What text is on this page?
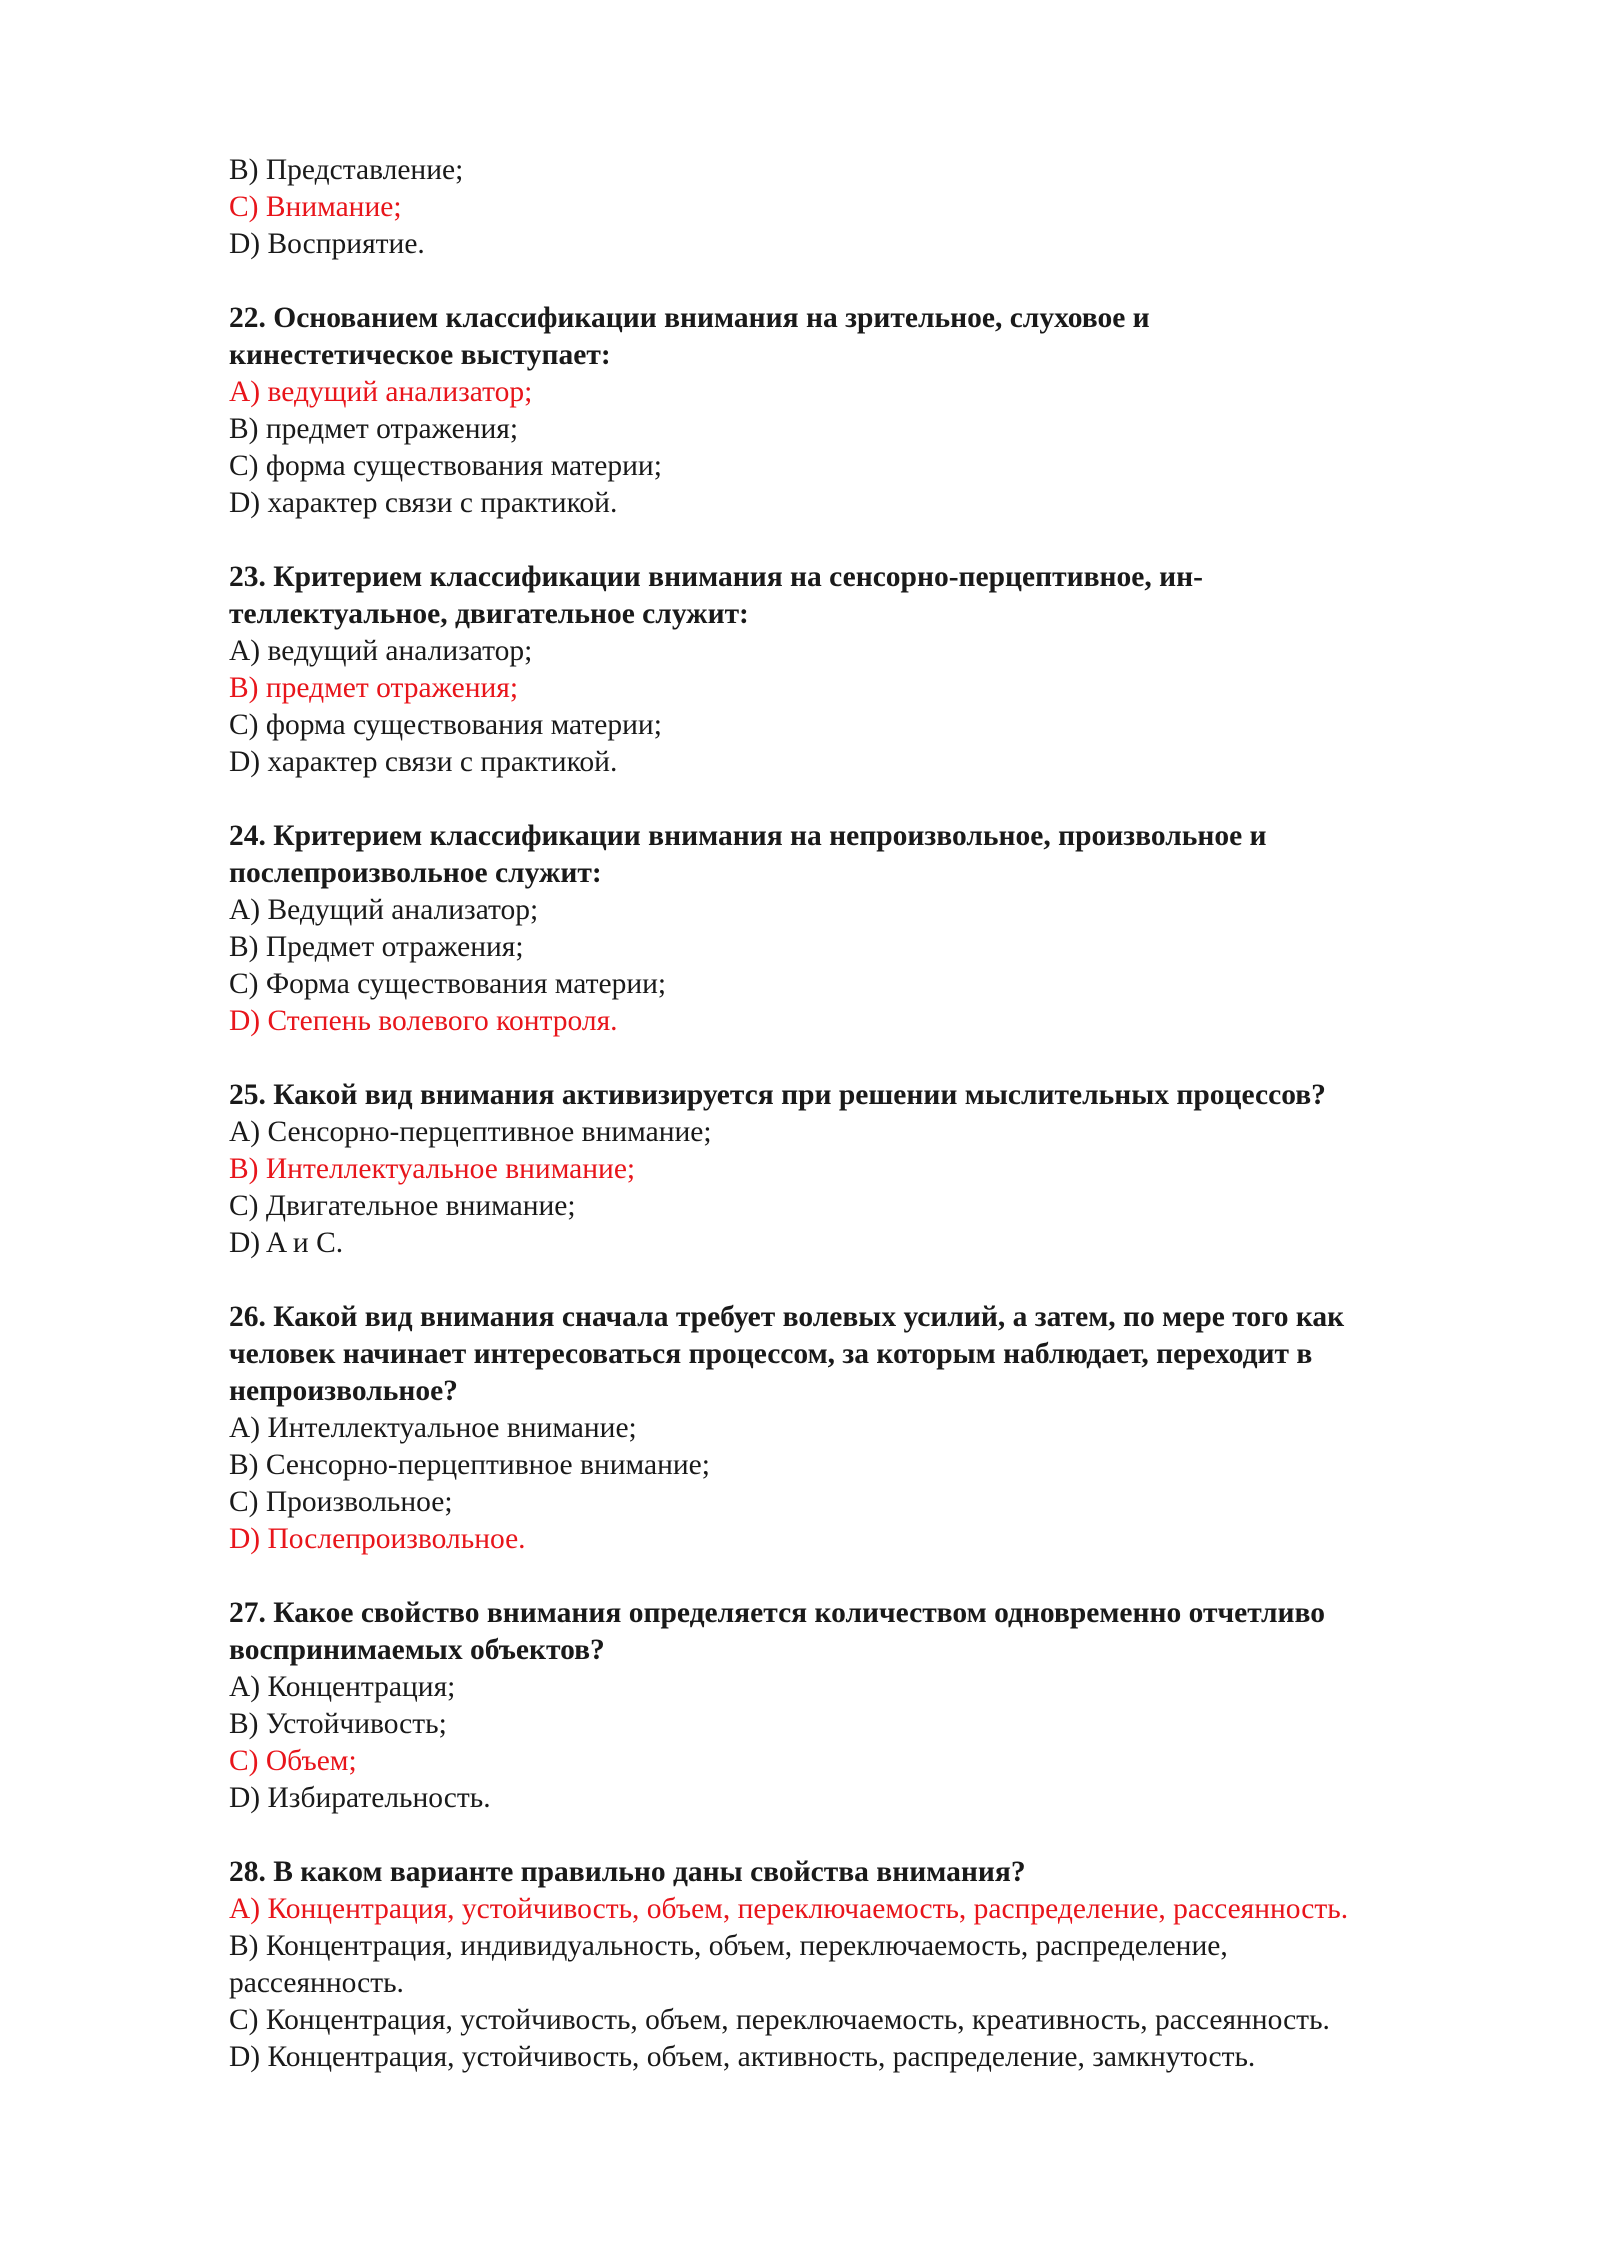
B) Представление;
C) Внимание;
D) Восприятие.
22. Основанием классификации внимания на зрительное, слуховое и
кинестетическое выступает:
A) ведущий анализатор;
B) предмет отражения;
C) форма существования материи;
D) характер связи с практикой.
23. Критерием классификации внимания на сенсорно-перцептивное, ин-
теллектуальное, двигательное служит:
A) ведущий анализатор;
B) предмет отражения;
C) форма существования материи;
D) характер связи с практикой.
24. Критерием классификации внимания на непроизвольное, произвольное и
послепроизвольное служит:
A) Ведущий анализатор;
B) Предмет отражения;
C) Форма существования материи;
D) Степень волевого контроля.
25. Какой вид внимания активизируется при решении мыслительных процессов?
A) Сенсорно-перцептивное внимание;
B) Интеллектуальное внимание;
C) Двигательное внимание;
D) A и C.
26. Какой вид внимания сначала требует волевых усилий, а затем, по мере того как
человек начинает интересоваться процессом, за которым наблюдает, переходит в
непроизвольное?
A) Интеллектуальное внимание;
B) Сенсорно-перцептивное внимание;
C) Произвольное;
D) Послепроизвольное.
27. Какое свойство внимания определяется количеством одновременно отчетливо
воспринимаемых объектов?
A) Концентрация;
B) Устойчивость;
C) Объем;
D) Избирательность.
28. В каком варианте правильно даны свойства внимания?
A) Концентрация, устойчивость, объем, переключаемость, распределение, рассеянность.
B) Концентрация, индивидуальность, объем, переключаемость, распределение, рассеянность.
C) Концентрация, устойчивость, объем, переключаемость, креативность, рассеянность.
D) Концентрация, устойчивость, объем, активность, распределение, замкнутость.
